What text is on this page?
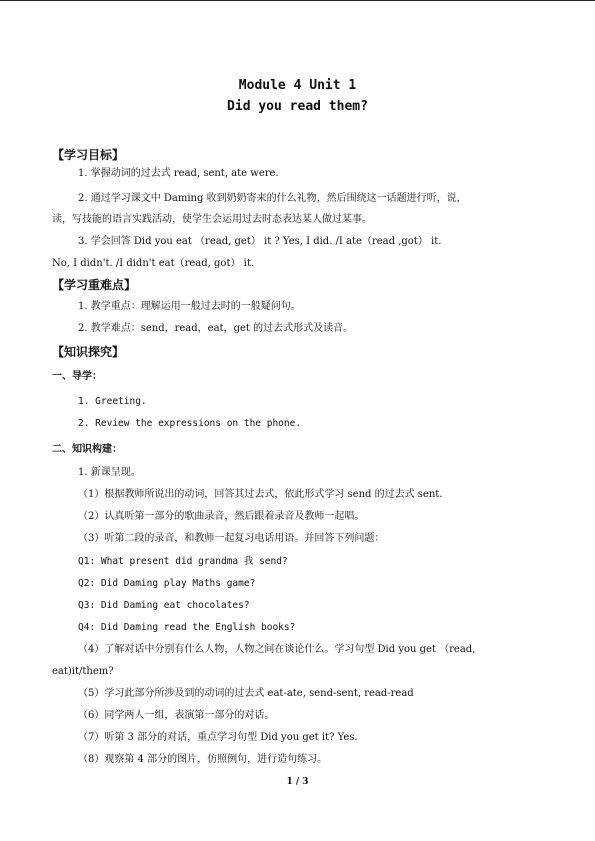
Module 4 Unit 1
Did you read them?
【学习目标】
1. 掌握动词的过去式 read, sent, ate were.
2. 通过学习课文中 Daming 收到奶奶寄来的什么礼物，然后围绕这一话题进行听，说，
读，写技能的语言实践活动，使学生会运用过去时态表达某人做过某事。
3. 学会回答 Did you eat （read, get） it ? Yes, I did. /I ate（read ,got） it.
No, I didn't. /I didn't eat（read, got） it.
【学习重难点】
1. 教学重点：理解运用一般过去时的一般疑问句。
2. 教学难点：send，read，eat，get 的过去式形式及读音。
【知识探究】
一、导学：
1. Greeting.
2. Review the expressions on the phone.
二、知识构建：
1. 新课呈现。
（1）根据教师所说出的动词，回答其过去式，依此形式学习 send 的过去式 sent.
（2）认真听第一部分的歌曲录音，然后跟着录音及教师一起唱。
（3）听第二段的录音，和教师一起复习电话用语。并回答下列问题：
Q1: What present did grandma 我 send?
Q2: Did Daming play Maths game?
Q3: Did Daming eat chocolates?
Q4: Did Daming read the English books?
（4）了解对话中分别有什么人物，人物之间在谈论什么。学习句型 Did you get （read,
eat)it/them?
（5）学习此部分所涉及到的动词的过去式 eat-ate, send-sent, read-read
（6）同学两人一组，表演第一部分的对话。
（7）听第 3 部分的对话，重点学习句型 Did you get it? Yes.
（8）观察第 4 部分的图片，仿照例句，进行造句练习。
1 / 3
